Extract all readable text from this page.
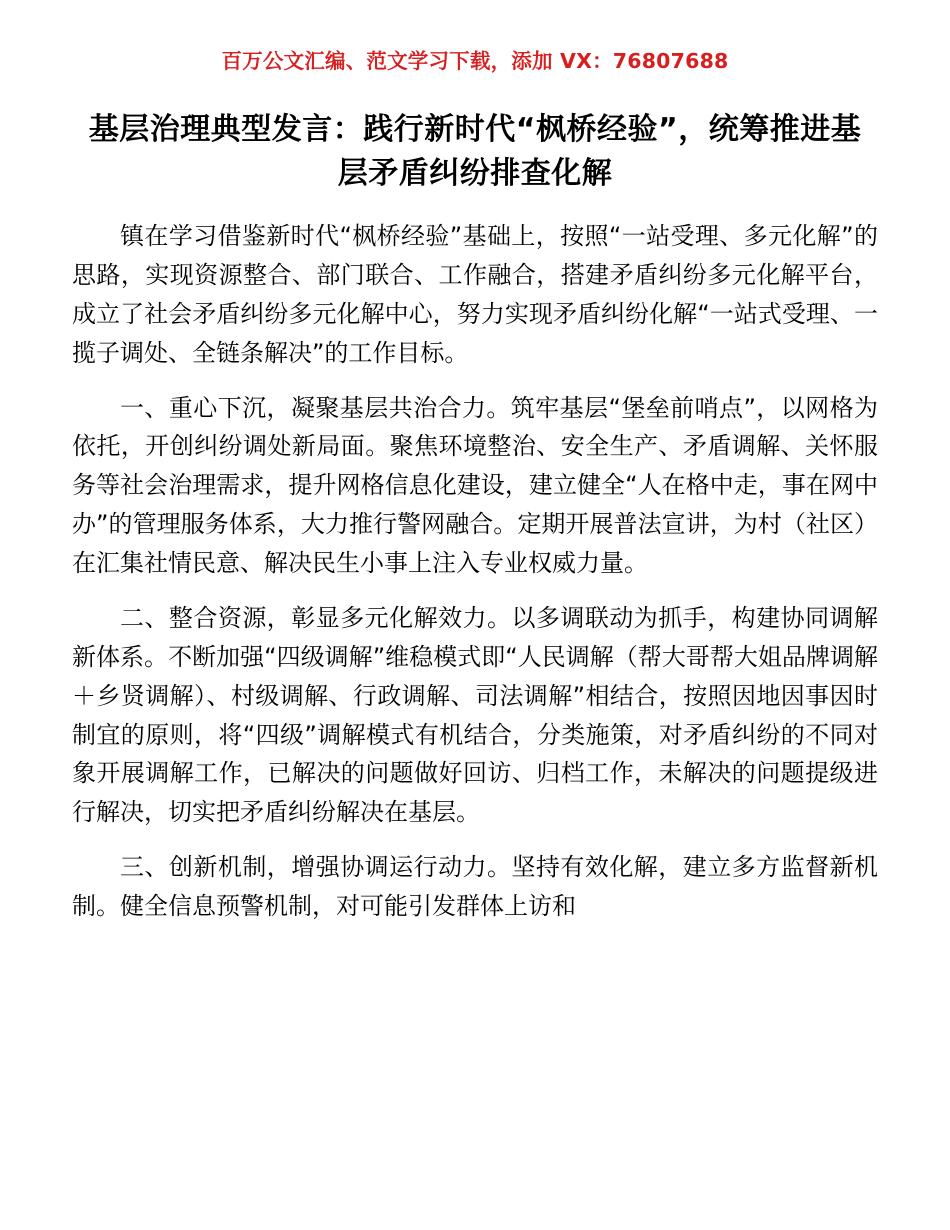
百万公文汇编、范文学习下载，添加 VX：76807688
基层治理典型发言：践行新时代“枫桥经验”，统筹推进基层矛盾纠纷排查化解

镇在学习借鉴新时代“枫桥经验”基础上，按照“一站受理、多元化解”的思路，实现资源整合、部门联合、工作融合，搭建矛盾纠纷多元化解平台，成立了社会矛盾纠纷多元化解中心，努力实现矛盾纠纷化解“一站式受理、一揽子调处、全链条解决”的工作目标。

一、重心下沉，凝聚基层共治合力。筑牢基层“堡垒前哨点”，以网格为依托，开创纠纷调处新局面。聚焦环境整治、安全生产、矛盾调解、关怀服务等社会治理需求，提升网格信息化建设，建立健全“人在格中走，事在网中办”的管理服务体系，大力推行警网融合。定期开展普法宣讲，为村（社区）在汇集社情民意、解决民生小事上注入专业权威力量。

二、整合资源，彰显多元化解效力。以多调联动为抓手，构建协同调解新体系。不断加强“四级调解”维稳模式即“人民调解（帮大哥帮大姐品牌调解＋乡贤调解）、村级调解、行政调解、司法调解”相结合，按照因地因事因时制宜的原则，将“四级”调解模式有机结合，分类施策，对矛盾纠纷的不同对象开展调解工作，已解决的问题做好回访、归档工作，未解决的问题提级进行解决，切实把矛盾纠纷解决在基层。

三、创新机制，增强协调运行动力。坚持有效化解，建立多方监督新机制。健全信息预警机制，对可能引发群体上访和
